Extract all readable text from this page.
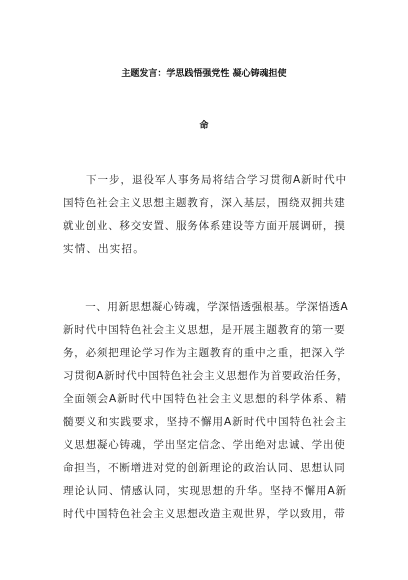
主题发言：学思践悟强党性 凝心铸魂担使
命
　　下一步，退役军人事务局将结合学习贯彻A新时代中
国特色社会主义思想主题教育，深入基层，围绕双拥共建
就业创业、移交安置、服务体系建设等方面开展调研，摸
实情、出实招。
　　一、用新思想凝心铸魂，学深悟透强根基。学深悟透A
新时代中国特色社会主义思想，是开展主题教育的第一要
务，必须把理论学习作为主题教育的重中之重，把深入学
习贯彻A新时代中国特色社会主义思想作为首要政治任务，
全面领会A新时代中国特色社会主义思想的科学体系、精
髓要义和实践要求，坚持不懈用A新时代中国特色社会主
义思想凝心铸魂，学出坚定信念、学出绝对忠诚、学出使
命担当，不断增进对党的创新理论的政治认同、思想认同
理论认同、情感认同，实现思想的升华。坚持不懈用A新
时代中国特色社会主义思想改造主观世界，学以致用，带
